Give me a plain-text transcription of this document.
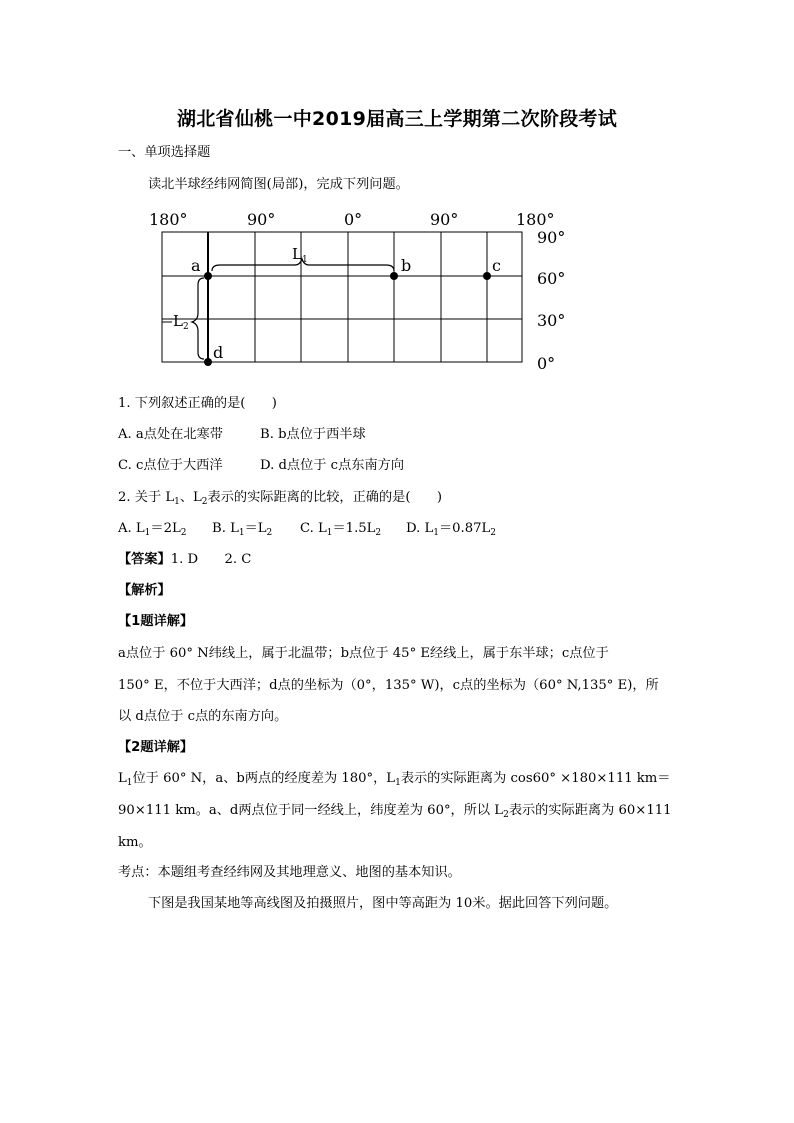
湖北省仙桃一中2019届高三上学期第二次阶段考试
一、单项选择题
读北半球经纬网简图(局部)，完成下列问题。
180°	90°	0°	90°	180°
90°
60°
30°
0°
$L_1$
$L_2$
a	b	c
d
1. 下列叙述正确的是(　　)
A. a点处在北寒带	B. b点位于西半球
C. c点位于大西洋	D. d点位于 c点东南方向
2. 关于 $L_1$、$L_2$表示的实际距离的比较，正确的是(　　)
A. $L_1=2L_2$ B. $L_1=L_2$ C. $L_1=1.5L_2$ D. $L_1=0.87L_2$
【答案】1. D　　2. C
【解析】
【1题详解】
a点位于 60° N纬线上，属于北温带；b点位于 45° E经线上，属于东半球；c点位于
150° E，不位于大西洋；d点的坐标为（0°，135° W)，c点的坐标为（60° N,135° E)，所
以 d点位于 c点的东南方向。
【2题详解】
$L_1$位于 60° N，a、b两点的经度差为 180°，$L_1$表示的实际距离为 cos60° ×180×111 km＝
90×111 km。a、d两点位于同一经线上，纬度差为 60°，所以 $L_2$表示的实际距离为 60×111
km。
考点：本题组考查经纬网及其地理意义、地图的基本知识。
下图是我国某地等高线图及拍摄照片，图中等高距为 10米。据此回答下列问题。
